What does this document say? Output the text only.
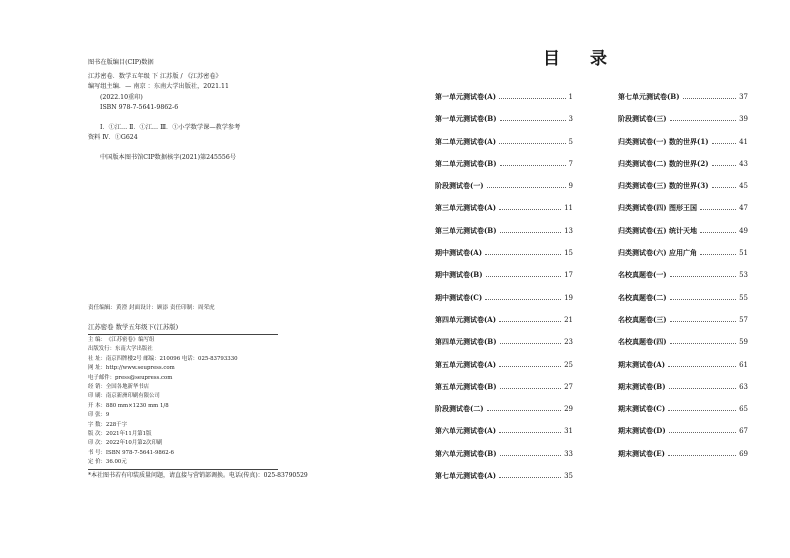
图书在版编目(CIP)数据
江苏密卷．数学五年级 下 江苏版 / 《江苏密卷》
编写组主编．— 南京 ：东南大学出版社，2021.11
(2022.10重印)
ISBN 978-7-5641-9862-6
Ⅰ．①江… Ⅱ．①江… Ⅲ．①小学数学课—教学参考
资料 Ⅳ．①G624
中国版本图书馆CIP数据核字(2021)第245556号
责任编辑：黄澄 封面设计：顾添 责任印制：周荣虎
江苏密卷 数学五年级下(江苏版)
主 编： 《江苏密卷》编写组
出版发行： 东南大学出版社
社 址： 南京四牌楼2号 邮编：210096 电话：025-83793330
网 址： http://www.seupress.com
电子邮件： press@seupress.com
经 销： 全国各地新华书店
印 刷： 南京新洲印刷有限公司
开 本： 880 mm×1230 mm 1/8
印 张： 9
字 数： 228千字
版 次： 2021年11月第1版
印 次： 2022年10月第2次印刷
书 号： ISBN 978-7-5641-9862-6
定 价： 36.00元
*本社图书若有印装质量问题，请直接与营销部调换。电话(传真)：025-83790529
目 录
第一单元测试卷(A)	1
第一单元测试卷(B)	3
第二单元测试卷(A)	5
第二单元测试卷(B)	7
阶段测试卷(一)	9
第三单元测试卷(A)	11
第三单元测试卷(B)	13
期中测试卷(A)	15
期中测试卷(B)	17
期中测试卷(C)	19
第四单元测试卷(A)	21
第四单元测试卷(B)	23
第五单元测试卷(A)	25
第五单元测试卷(B)	27
阶段测试卷(二)	29
第六单元测试卷(A)	31
第六单元测试卷(B)	33
第七单元测试卷(A)	35
第七单元测试卷(B)	37
阶段测试卷(三)	39
归类测试卷(一) 数的世界(1)	41
归类测试卷(二) 数的世界(2)	43
归类测试卷(三) 数的世界(3)	45
归类测试卷(四) 图形王国	47
归类测试卷(五) 统计天地	49
归类测试卷(六) 应用广角	51
名校真题卷(一)	53
名校真题卷(二)	55
名校真题卷(三)	57
名校真题卷(四)	59
期末测试卷(A)	61
期末测试卷(B)	63
期末测试卷(C)	65
期末测试卷(D)	67
期末测试卷(E)	69
